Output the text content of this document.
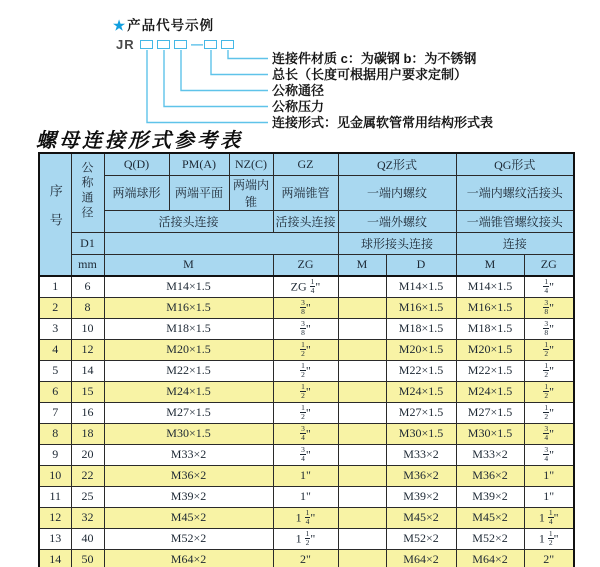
★产品代号示例
JR	—
连接件材质 c：为碳钢 b：为不锈钢
总长（长度可根据用户要求定制）
公称通径
公称压力
连接形式：见金属软管常用结构形式表
螺母连接形式参考表
序号	公称通径	Q(D)	PM(A)	NZ(C)	GZ	QZ形式		QG形式	
		两端球形	两端平面	两端内锥	两端锥管	一端内螺纹		一端内螺纹活接头	
		活接头连接			活接头连接	一端外螺纹		一端锥管螺纹接头	
	D1					球形接头连接		连接	
	mm	M			ZG	M	D	M	ZG
1	6	M14×1.5			ZG $\frac{1}{4}$ "		M14×1.5	M14×1.5	$\frac{1}{4}$ "
2	8	M16×1.5			$\frac{3}{8}$ "		M16×1.5	M16×1.5	$\frac{3}{8}$ "
3	10	M18×1.5			$\frac{3}{8}$ "		M18×1.5	M18×1.5	$\frac{3}{8}$ "
4	12	M20×1.5			$\frac{1}{2}$ "		M20×1.5	M20×1.5	$\frac{1}{2}$ "
5	14	M22×1.5			$\frac{1}{2}$ "		M22×1.5	M22×1.5	$\frac{1}{2}$ "
6	15	M24×1.5			$\frac{1}{2}$ "		M24×1.5	M24×1.5	$\frac{1}{2}$ "
7	16	M27×1.5			$\frac{1}{2}$ "		M27×1.5	M27×1.5	$\frac{1}{2}$ "
8	18	M30×1.5			$\frac{3}{4}$ "		M30×1.5	M30×1.5	$\frac{3}{4}$ "
9	20	M33×2			$\frac{3}{4}$ "		M33×2	M33×2	$\frac{3}{4}$ "
10	22	M36×2			1"		M36×2	M36×2	1"
11	25	M39×2			1"		M39×2	M39×2	1"
12	32	M45×2			$1 \frac{1}{4}$ "		M45×2	M45×2	$1 \frac{1}{4}$ "
13	40	M52×2			$1 \frac{1}{2}$ "		M52×2	M52×2	$1 \frac{1}{2}$ "
14	50	M64×2			2"		M64×2	M64×2	2"
